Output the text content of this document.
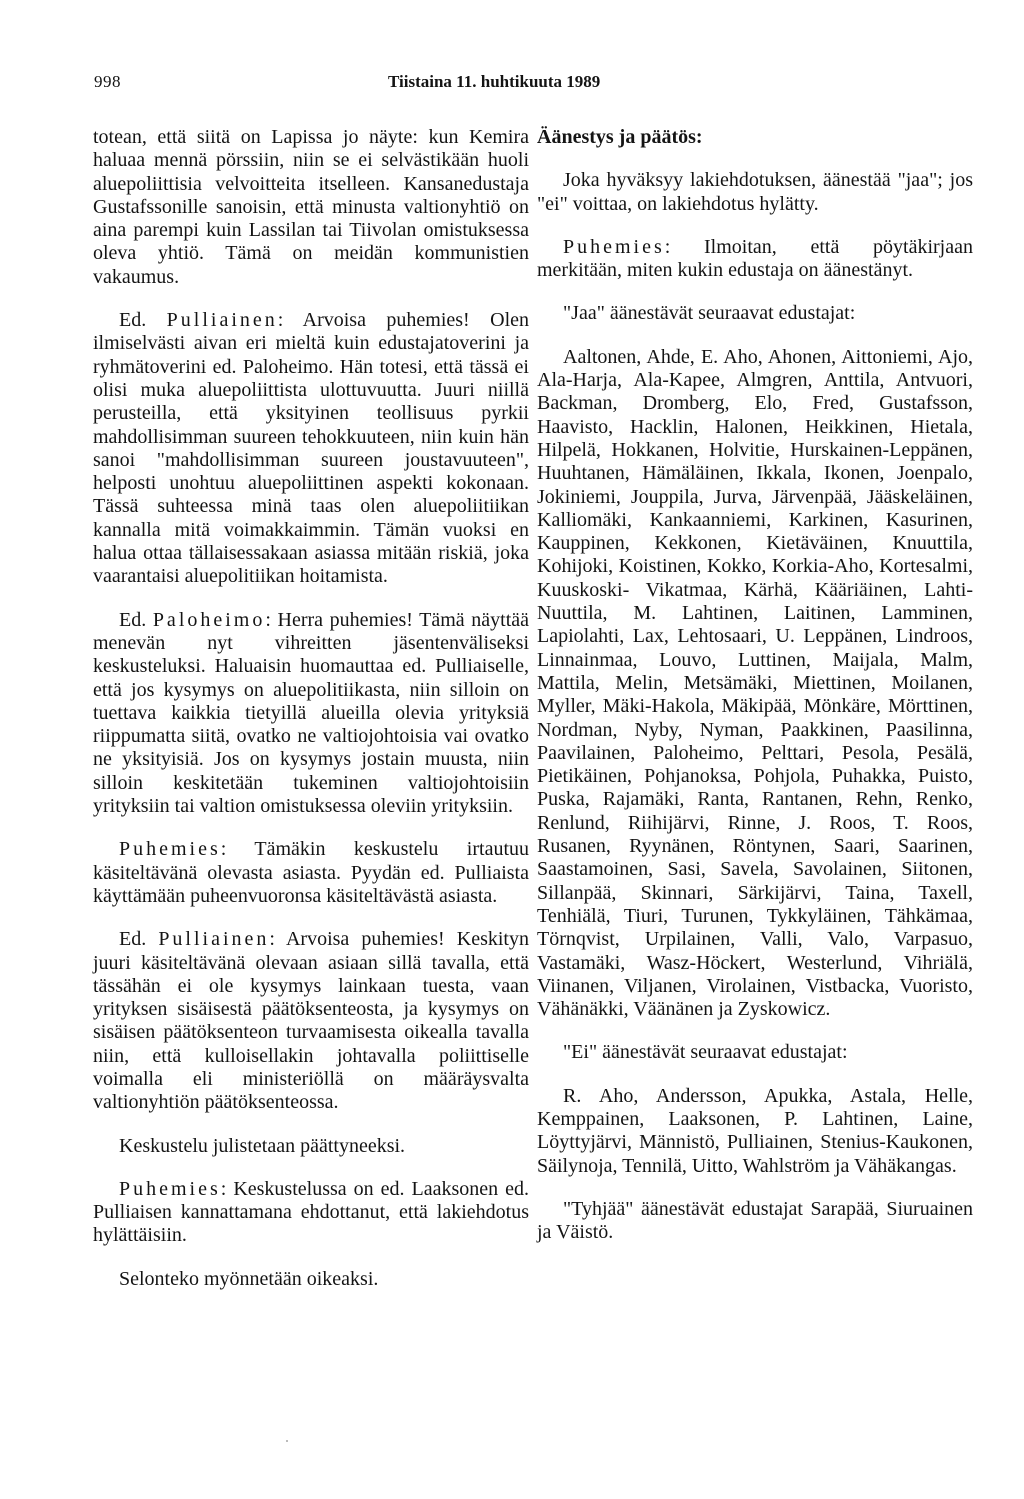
998	Tiistaina 11. huhtikuuta 1989

totean, että siitä on Lapissa jo näyte: kun Kemira haluaa mennä pörssiin, niin se ei selvästikään huoli aluepoliittisia velvoitteita itselleen. Kansanedustaja Gustafssonille sanoisin, että minusta valtionyhtiö on aina parempi kuin Lassilan tai Tiivolan omistuksessa oleva yhtiö. Tämä on meidän kommunistien vakaumus.

Ed. Pulliainen: Arvoisa puhemies! Olen ilmiselvästi aivan eri mieltä kuin edustajatoverini ja ryhmätoverini ed. Paloheimo. Hän totesi, että tässä ei olisi muka aluepoliittista ulottuvuutta. Juuri niillä perusteilla, että yksityinen teollisuus pyrkii mahdollisimman suureen tehokkuuteen, niin kuin hän sanoi "mahdollisimman suureen joustavuuteen", helposti unohtuu aluepoliittinen aspekti kokonaan. Tässä suhteessa minä taas olen aluepoliitiikan kannalla mitä voimakkaimmin. Tämän vuoksi en halua ottaa tällaisessakaan asiassa mitään riskiä, joka vaarantaisi aluepolitiikan hoitamista.

Ed. Paloheimo: Herra puhemies! Tämä näyttää menevän nyt vihreitten jäsentenväliseksi keskusteluksi. Haluaisin huomauttaa ed. Pulliaiselle, että jos kysymys on aluepolitiikasta, niin silloin on tuettava kaikkia tietyillä alueilla olevia yrityksiä riippumatta siitä, ovatko ne valtiojohtoisia vai ovatko ne yksityisiä. Jos on kysymys jostain muusta, niin silloin keskitetään tukeminen valtiojohtoisiin yrityksiin tai valtion omistuksessa oleviin yrityksiin.

Puhemies: Tämäkin keskustelu irtautuu käsiteltävänä olevasta asiasta. Pyydän ed. Pulliaista käyttämään puheenvuoronsa käsiteltävästä asiasta.

Ed. Pulliainen: Arvoisa puhemies! Keskityn juuri käsiteltävänä olevaan asiaan sillä tavalla, että tässähän ei ole kysymys lainkaan tuesta, vaan yrityksen sisäisestä päätöksenteosta, ja kysymys on sisäisen päätöksenteon turvaamisesta oikealla tavalla niin, että kulloisellakin johtavalla poliittiselle voimalla eli ministeriöllä on määräysvalta valtionyhtiön päätöksenteossa.

Keskustelu julistetaan päättyneeksi.

Puhemies: Keskustelussa on ed. Laaksonen ed. Pulliaisen kannattamana ehdottanut, että lakiehdotus hylättäisiin.

Selonteko myönnetään oikeaksi.

Äänestys ja päätös:

Joka hyväksyy lakiehdotuksen, äänestää "jaa"; jos "ei" voittaa, on lakiehdotus hylätty.

Puhemies: Ilmoitan, että pöytäkirjaan merkitään, miten kukin edustaja on äänestänyt.

"Jaa" äänestävät seuraavat edustajat:

Aaltonen, Ahde, E. Aho, Ahonen, Aittoniemi, Ajo, Ala-Harja, Ala-Kapee, Almgren, Anttila, Antvuori, Backman, Dromberg, Elo, Fred, Gustafsson, Haavisto, Hacklin, Halonen, Heikkinen, Hietala, Hilpelä, Hokkanen, Holvitie, Hurskainen-Leppänen, Huuhtanen, Hämäläinen, Ikkala, Ikonen, Joenpalo, Jokiniemi, Jouppila, Jurva, Järvenpää, Jääskeläinen, Kalliomäki, Kankaanniemi, Karkinen, Kasurinen, Kauppinen, Kekkonen, Kietäväinen, Knuuttila, Kohijoki, Koistinen, Kokko, Korkia-Aho, Kortesalmi, Kuuskoski- Vikatmaa, Kärhä, Kääriäinen, Lahti-Nuuttila, M. Lahtinen, Laitinen, Lamminen, Lapiolahti, Lax, Lehtosaari, U. Leppänen, Lindroos, Linnainmaa, Louvo, Luttinen, Maijala, Malm, Mattila, Melin, Metsämäki, Miettinen, Moilanen, Myller, Mäki-Hakola, Mäkipää, Mönkäre, Mörttinen, Nordman, Nyby, Nyman, Paakkinen, Paasilinna, Paavilainen, Paloheimo, Pelttari, Pesola, Pesälä, Pietikäinen, Pohjanoksa, Pohjola, Puhakka, Puisto, Puska, Rajamäki, Ranta, Rantanen, Rehn, Renko, Renlund, Riihijärvi, Rinne, J. Roos, T. Roos, Rusanen, Ryynänen, Röntynen, Saari, Saarinen, Saastamoinen, Sasi, Savela, Savolainen, Siitonen, Sillanpää, Skinnari, Särkijärvi, Taina, Taxell, Tenhiälä, Tiuri, Turunen, Tykkyläinen, Tähkämaa, Törnqvist, Urpilainen, Valli, Valo, Varpasuo, Vastamäki, Wasz-Höckert, Westerlund, Vihriälä, Viinanen, Viljanen, Virolainen, Vistbacka, Vuoristo, Vähänäkki, Väänänen ja Zyskowicz.

"Ei" äänestävät seuraavat edustajat:

R. Aho, Andersson, Apukka, Astala, Helle, Kemppainen, Laaksonen, P. Lahtinen, Laine, Löyttyjärvi, Männistö, Pulliainen, Stenius-Kaukonen, Säilynoja, Tennilä, Uitto, Wahlström ja Vähäkangas.

"Tyhjää" äänestävät edustajat Sarapää, Siuruainen ja Väistö.
